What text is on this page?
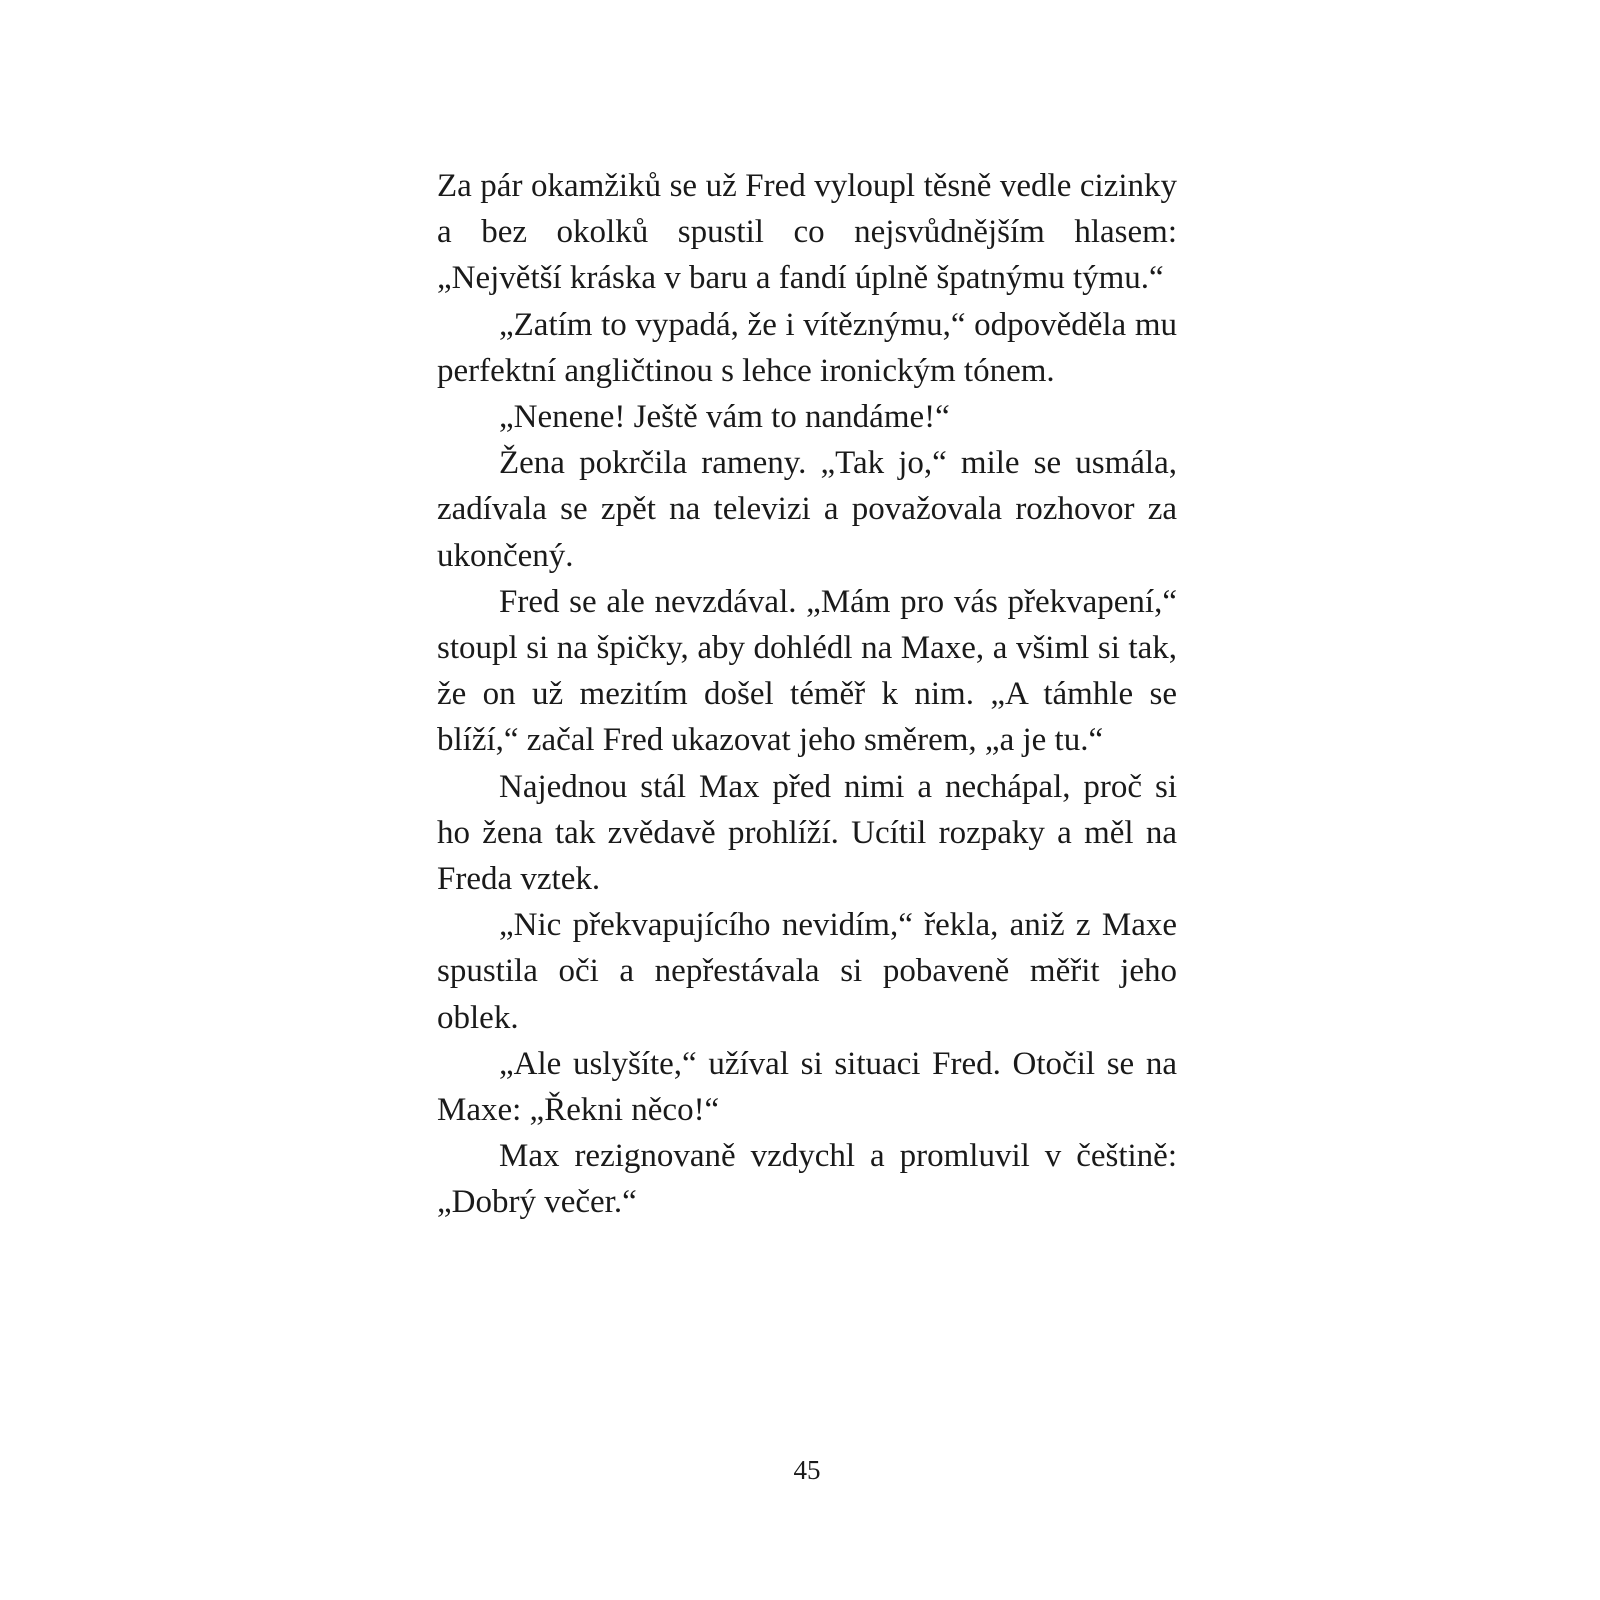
Za pár okamžiků se už Fred vyloupl těsně vedle cizinky a bez okolků spustil co nejsvůdnějším hlasem: „Největší kráska v baru a fandí úplně špatnýmu týmu.“

„Zatím to vypadá, že i vítěznýmu,“ odpověděla mu perfektní angličtinou s lehce ironickým tónem.

„Nenene! Ještě vám to nandáme!“

Žena pokrčila rameny. „Tak jo,“ mile se usmála, zadívala se zpět na televizi a považovala rozhovor za ukončený.

Fred se ale nevzdával. „Mám pro vás překvapení,“ stoupl si na špičky, aby dohlédl na Maxe, a všiml si tak, že on už mezitím došel téměř k nim. „A támhle se blíží,“ začal Fred ukazovat jeho směrem, „a je tu.“

Najednou stál Max před nimi a nechápal, proč si ho žena tak zvědavě prohlíží. Ucítil rozpaky a měl na Freda vztek.

„Nic překvapujícího nevidím,“ řekla, aniž z Maxe spustila oči a nepřestávala si pobaveně měřit jeho oblek.

„Ale uslyšíte,“ užíval si situaci Fred. Otočil se na Maxe: „Řekni něco!“

Max rezignovaně vzdychl a promluvil v češtině: „Dobrý večer.“

45
